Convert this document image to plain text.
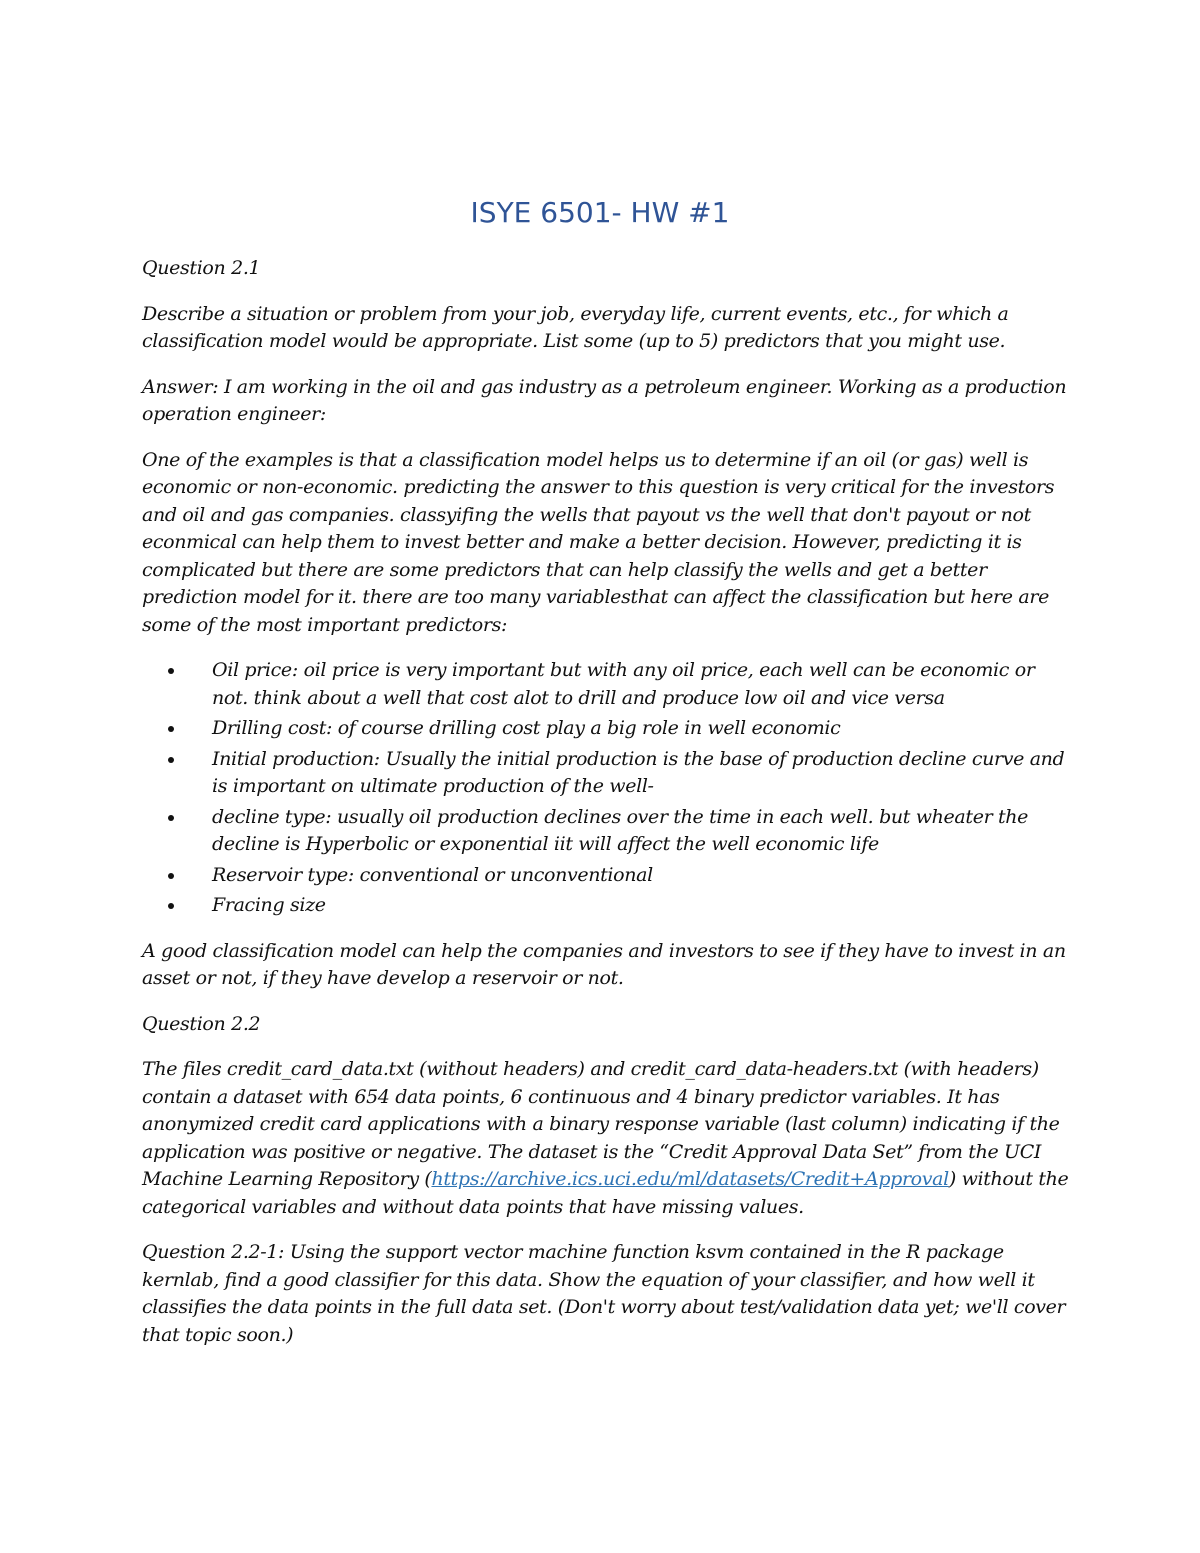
ISYE 6501- HW #1

Question 2.1

Describe a situation or problem from your job, everyday life, current events, etc., for which a classification model would be appropriate. List some (up to 5) predictors that you might use.

Answer: I am working in the oil and gas industry as a petroleum engineer. Working as a production operation engineer:

One of the examples is that a classification model helps us to determine if an oil (or gas) well is economic or non-economic. predicting the answer to this question is very critical for the investors and oil and gas companies. classyifing the wells that payout vs the well that don't payout or not econmical can help them to invest better and make a better decision. However, predicting it is complicated but there are some predictors that can help classify the wells and get a better prediction model for it. there are too many variablesthat can affect the classification but here are some of the most important predictors:

Oil price: oil price is very important but with any oil price, each well can be economic or not. think about a well that cost alot to drill and produce low oil and vice versa
Drilling cost: of course drilling cost play a big role in well economic
Initial production: Usually the initial production is the base of production decline curve and is important on ultimate production of the well-
decline type: usually oil production declines over the time in each well. but wheater the decline is Hyperbolic or exponential iit will affect the well economic life
Reservoir type: conventional or unconventional
Fracing size

A good classification model can help the companies and investors to see if they have to invest in an asset or not, if they have develop a reservoir or not.

Question 2.2

The files credit_card_data.txt (without headers) and credit_card_data-headers.txt (with headers) contain a dataset with 654 data points, 6 continuous and 4 binary predictor variables. It has anonymized credit card applications with a binary response variable (last column) indicating if the application was positive or negative. The dataset is the “Credit Approval Data Set” from the UCI Machine Learning Repository (https://archive.ics.uci.edu/ml/datasets/Credit+Approval) without the categorical variables and without data points that have missing values.

Question 2.2-1: Using the support vector machine function ksvm contained in the R package kernlab, find a good classifier for this data. Show the equation of your classifier, and how well it classifies the data points in the full data set. (Don't worry about test/validation data yet; we'll cover that topic soon.)
